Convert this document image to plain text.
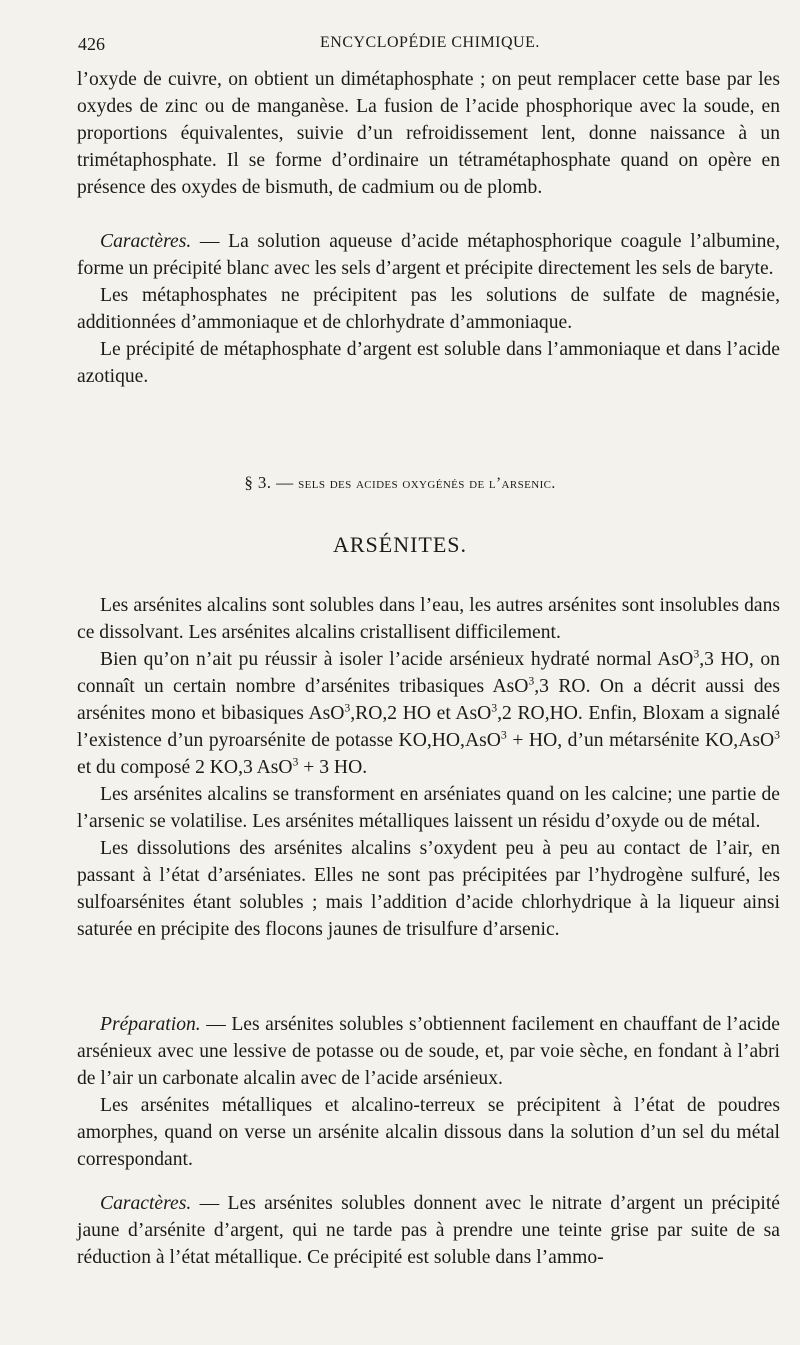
426	ENCYCLOPÉDIE CHIMIQUE.

l’oxyde de cuivre, on obtient un dimétaphosphate ; on peut remplacer cette base par les oxydes de zinc ou de manganèse. La fusion de l’acide phosphorique avec la soude, en proportions équivalentes, suivie d’un refroidissement lent, donne naissance à un trimétaphosphate. Il se forme d’ordinaire un tétramétaphosphate quand on opère en présence des oxydes de bismuth, de cadmium ou de plomb.

Caractères. — La solution aqueuse d’acide métaphosphorique coagule l’albumine, forme un précipité blanc avec les sels d’argent et précipite directement les sels de baryte.

Les métaphosphates ne précipitent pas les solutions de sulfate de magnésie, additionnées d’ammoniaque et de chlorhydrate d’ammoniaque.

Le précipité de métaphosphate d’argent est soluble dans l’ammoniaque et dans l’acide azotique.

§ 3. — sels des acides oxygénés de l’arsenic.
ARSÉNITES.

Les arsénites alcalins sont solubles dans l’eau, les autres arsénites sont insolubles dans ce dissolvant. Les arsénites alcalins cristallisent difficilement.

Bien qu’on n’ait pu réussir à isoler l’acide arsénieux hydraté normal AsO$^3$,3 HO, on connaît un certain nombre d’arsénites tribasiques AsO$^3$,3 RO. On a décrit aussi des arsénites mono et bibasiques AsO$^3$,RO,2 HO et AsO$^3$,2 RO,HO. Enfin, Bloxam a signalé l’existence d’un pyroarsénite de potasse KO,HO,AsO$^3$ + HO, d’un métarsénite KO,AsO$^3$ et du composé 2 KO,3 AsO$^3$ + 3 HO.

Les arsénites alcalins se transforment en arséniates quand on les calcine; une partie de l’arsenic se volatilise. Les arsénites métalliques laissent un résidu d’oxyde ou de métal.

Les dissolutions des arsénites alcalins s’oxydent peu à peu au contact de l’air, en passant à l’état d’arséniates. Elles ne sont pas précipitées par l’hydrogène sulfuré, les sulfoarsénites étant solubles ; mais l’addition d’acide chlorhydrique à la liqueur ainsi saturée en précipite des flocons jaunes de trisulfure d’arsenic.

Préparation. — Les arsénites solubles s’obtiennent facilement en chauffant de l’acide arsénieux avec une lessive de potasse ou de soude, et, par voie sèche, en fondant à l’abri de l’air un carbonate alcalin avec de l’acide arsénieux.

Les arsénites métalliques et alcalino-terreux se précipitent à l’état de poudres amorphes, quand on verse un arsénite alcalin dissous dans la solution d’un sel du métal correspondant.

Caractères. — Les arsénites solubles donnent avec le nitrate d’argent un précipité jaune d’arsénite d’argent, qui ne tarde pas à prendre une teinte grise par suite de sa réduction à l’état métallique. Ce précipité est soluble dans l’ammo-
